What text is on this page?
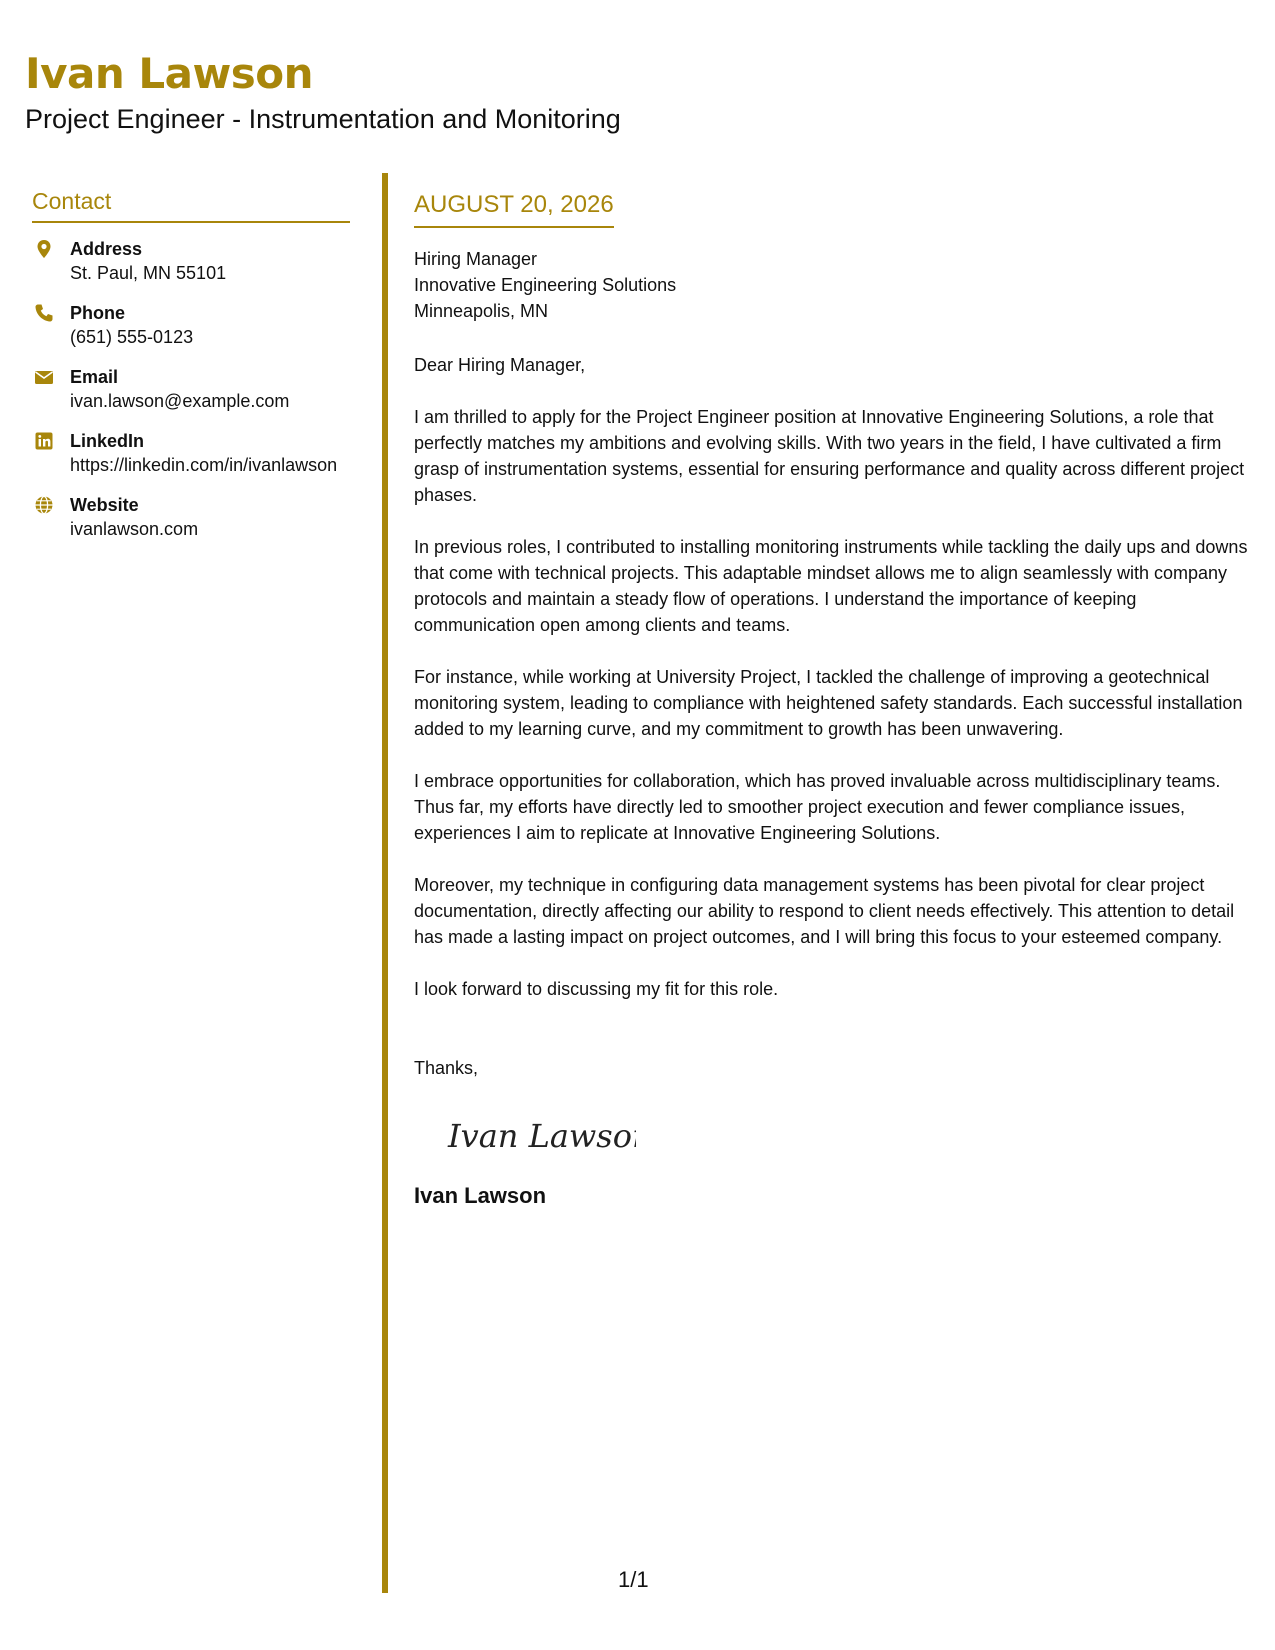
Ivan Lawson
Project Engineer - Instrumentation and Monitoring
Contact
Address
St. Paul, MN 55101
Phone
(651) 555-0123
Email
ivan.lawson@example.com
LinkedIn
https://linkedin.com/in/ivanlawson
Website
ivanlawson.com
AUGUST 20, 2026
Hiring Manager
Innovative Engineering Solutions
Minneapolis, MN
Dear Hiring Manager,
I am thrilled to apply for the Project Engineer position at Innovative Engineering Solutions, a role that perfectly matches my ambitions and evolving skills. With two years in the field, I have cultivated a firm grasp of instrumentation systems, essential for ensuring performance and quality across different project phases.
In previous roles, I contributed to installing monitoring instruments while tackling the daily ups and downs that come with technical projects. This adaptable mindset allows me to align seamlessly with company protocols and maintain a steady flow of operations. I understand the importance of keeping communication open among clients and teams.
For instance, while working at University Project, I tackled the challenge of improving a geotechnical monitoring system, leading to compliance with heightened safety standards. Each successful installation added to my learning curve, and my commitment to growth has been unwavering.
I embrace opportunities for collaboration, which has proved invaluable across multidisciplinary teams. Thus far, my efforts have directly led to smoother project execution and fewer compliance issues, experiences I aim to replicate at Innovative Engineering Solutions.
Moreover, my technique in configuring data management systems has been pivotal for clear project documentation, directly affecting our ability to respond to client needs effectively. This attention to detail has made a lasting impact on project outcomes, and I will bring this focus to your esteemed company.
I look forward to discussing my fit for this role.
Thanks,
Ivan Lawson
Ivan Lawson
1/1
